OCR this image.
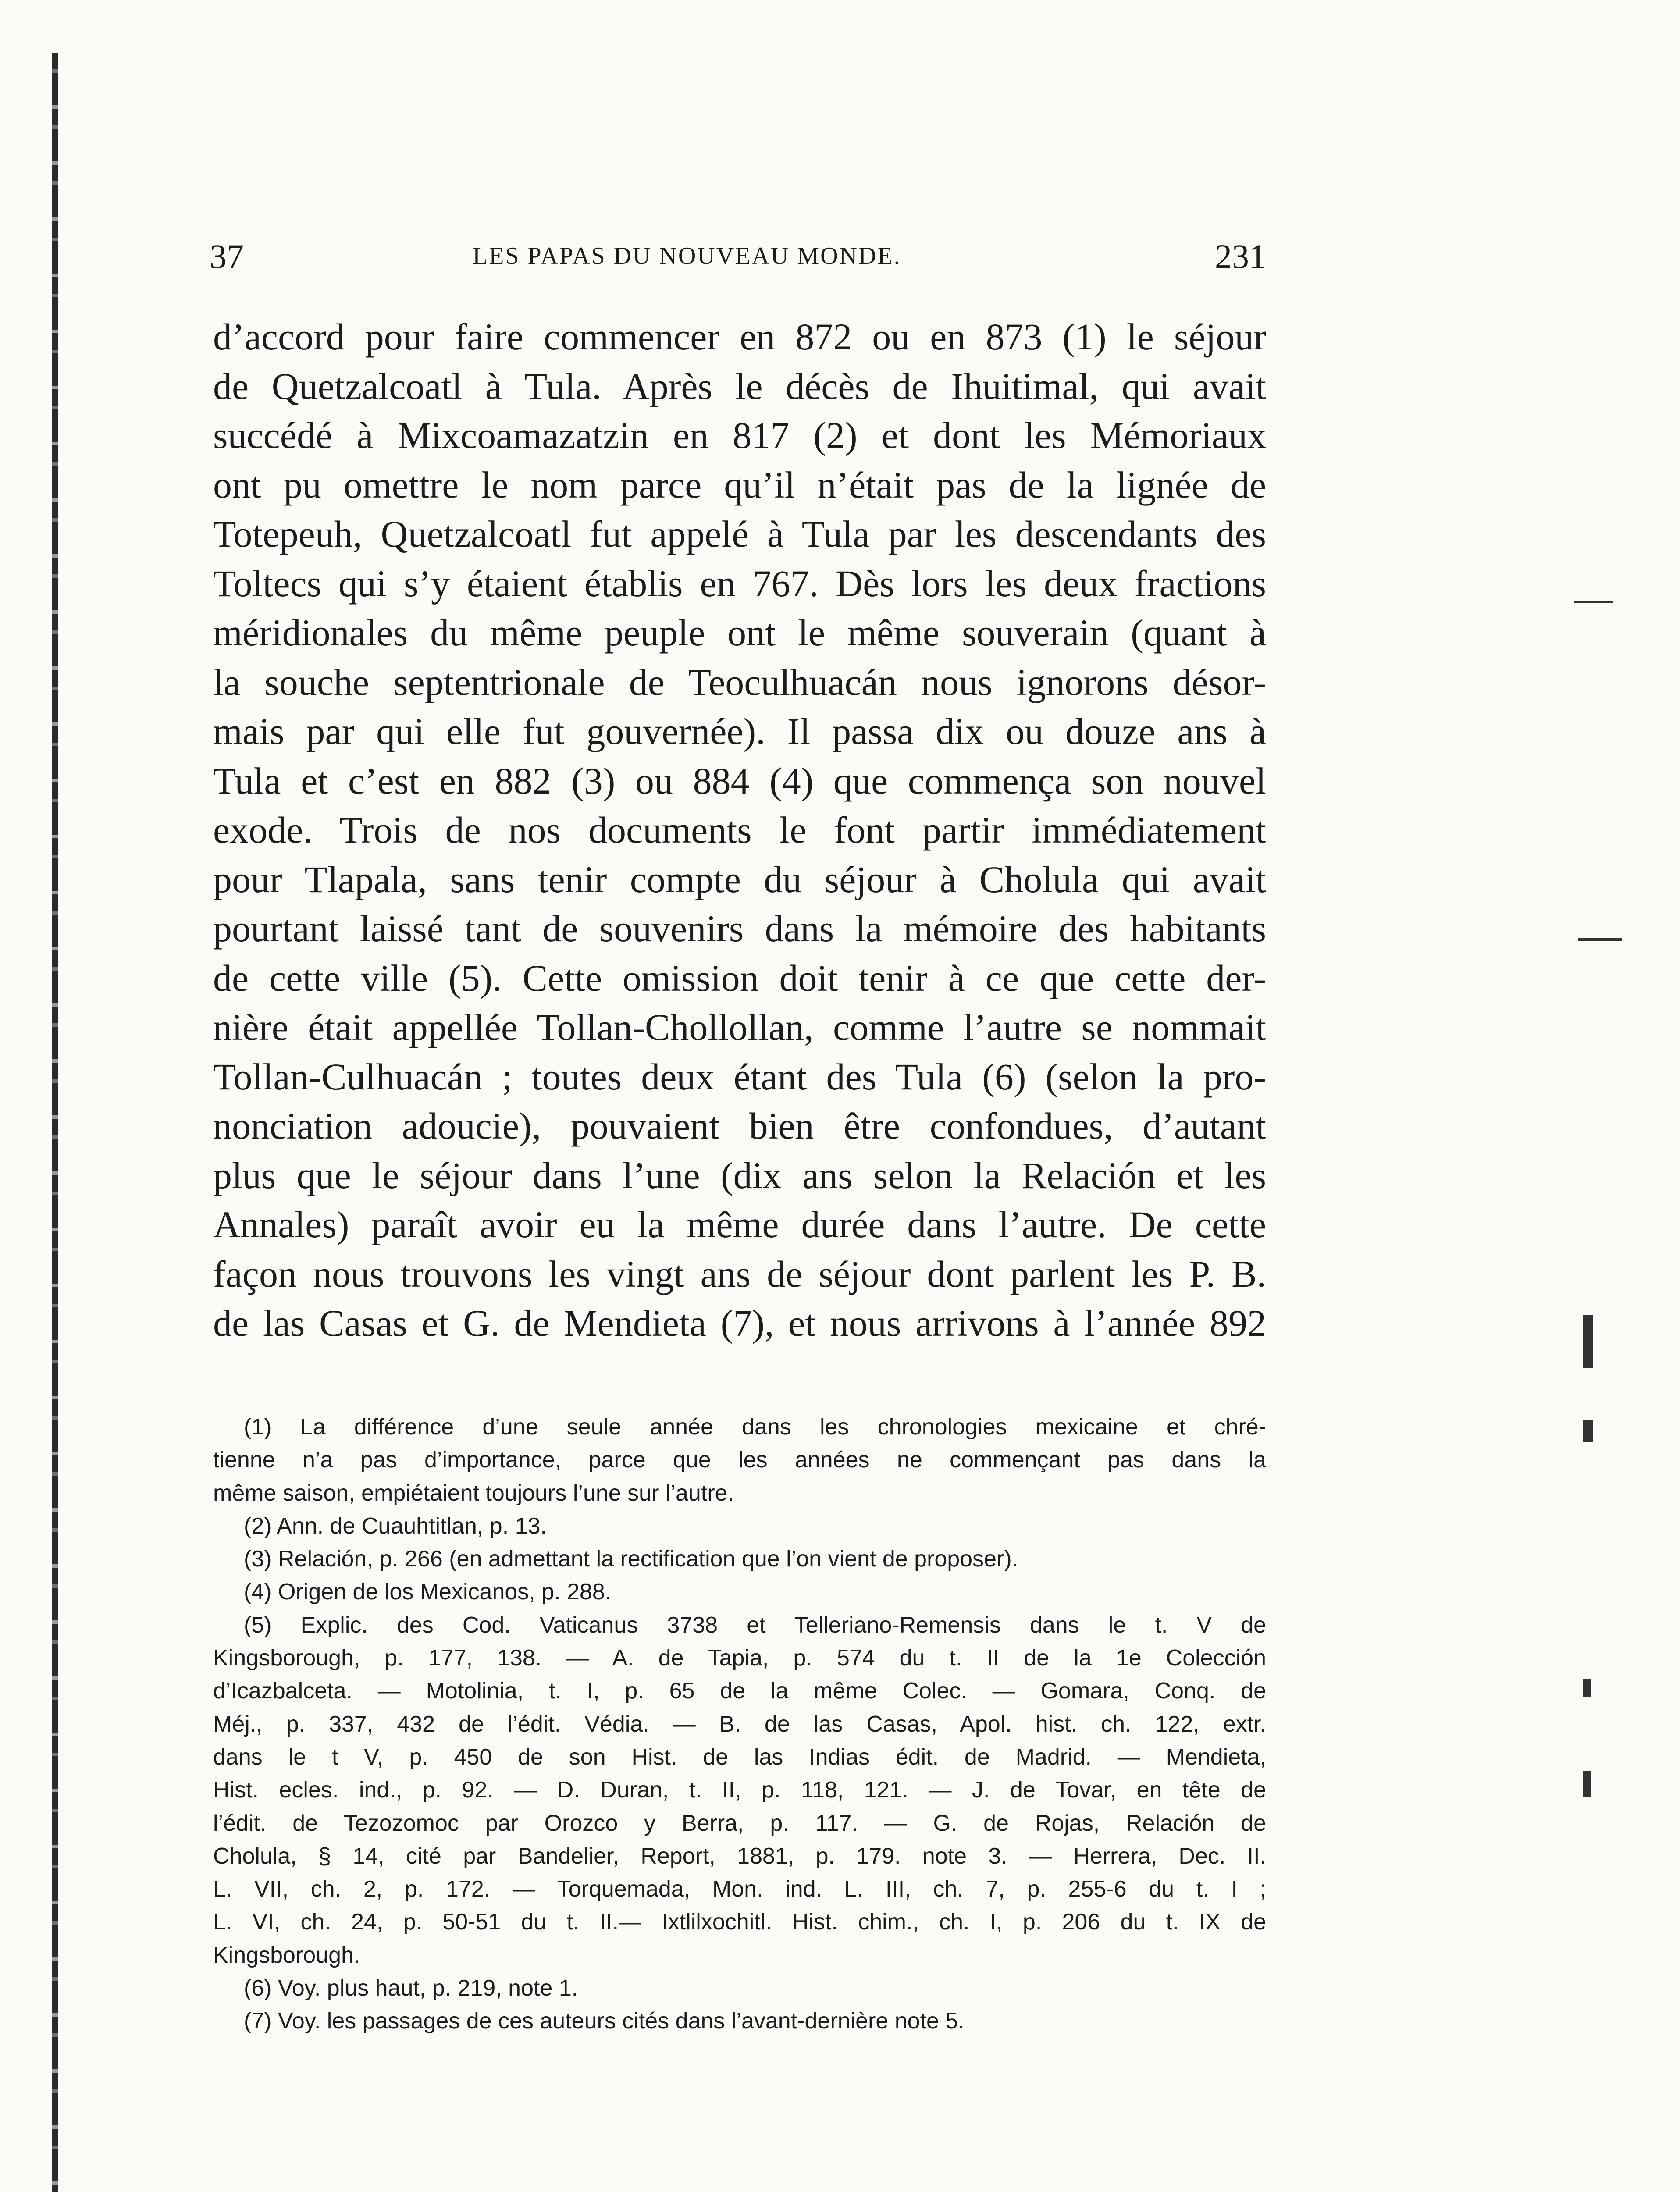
37	LES PAPAS DU NOUVEAU MONDE.	231
d’accord pour faire commencer en 872 ou en 873 (1) le séjour
de Quetzalcoatl à Tula. Après le décès de Ihuitimal, qui avait
succédé à Mixcoamazatzin en 817 (2) et dont les Mémoriaux
ont pu omettre le nom parce qu’il n’était pas de la lignée de
Totepeuh, Quetzalcoatl fut appelé à Tula par les descendants des
Toltecs qui s’y étaient établis en 767. Dès lors les deux fractions
méridionales du même peuple ont le même souverain (quant à
la souche septentrionale de Teoculhuacán nous ignorons désor-
mais par qui elle fut gouvernée). Il passa dix ou douze ans à
Tula et c’est en 882 (3) ou 884 (4) que commença son nouvel
exode. Trois de nos documents le font partir immédiatement
pour Tlapala, sans tenir compte du séjour à Cholula qui avait
pourtant laissé tant de souvenirs dans la mémoire des habitants
de cette ville (5). Cette omission doit tenir à ce que cette der-
nière était appellée Tollan-Chollollan, comme l’autre se nommait
Tollan-Culhuacán ; toutes deux étant des Tula (6) (selon la pro-
nonciation adoucie), pouvaient bien être confondues, d’autant
plus que le séjour dans l’une (dix ans selon la Relación et les
Annales) paraît avoir eu la même durée dans l’autre. De cette
façon nous trouvons les vingt ans de séjour dont parlent les P. B.
de las Casas et G. de Mendieta (7), et nous arrivons à l’année 892
(1) La différence d’une seule année dans les chronologies mexicaine et chré-
tienne n’a pas d’importance, parce que les années ne commençant pas dans la
même saison, empiétaient toujours l’une sur l’autre.
(2) Ann. de Cuauhtitlan, p. 13.
(3) Relación, p. 266 (en admettant la rectification que l’on vient de proposer).
(4) Origen de los Mexicanos, p. 288.
(5) Explic. des Cod. Vaticanus 3738 et Telleriano-Remensis dans le t. V de
Kingsborough, p. 177, 138. — A. de Tapia, p. 574 du t. II de la 1e Colección
d’Icazbalceta. — Motolinia, t. I, p. 65 de la même Colec. — Gomara, Conq. de
Méj., p. 337, 432 de l’édit. Védia. — B. de las Casas, Apol. hist. ch. 122, extr.
dans le t V, p. 450 de son Hist. de las Indias édit. de Madrid. — Mendieta,
Hist. ecles. ind., p. 92. — D. Duran, t. II, p. 118, 121. — J. de Tovar, en tête de
l’édit. de Tezozomoc par Orozco y Berra, p. 117. — G. de Rojas, Relación de
Cholula, § 14, cité par Bandelier, Report, 1881, p. 179. note 3. — Herrera, Dec. II.
L. VII, ch. 2, p. 172. — Torquemada, Mon. ind. L. III, ch. 7, p. 255-6 du t. I ;
L. VI, ch. 24, p. 50-51 du t. II.— Ixtlilxochitl. Hist. chim., ch. I, p. 206 du t. IX de
Kingsborough.
(6) Voy. plus haut, p. 219, note 1.
(7) Voy. les passages de ces auteurs cités dans l’avant-dernière note 5.
